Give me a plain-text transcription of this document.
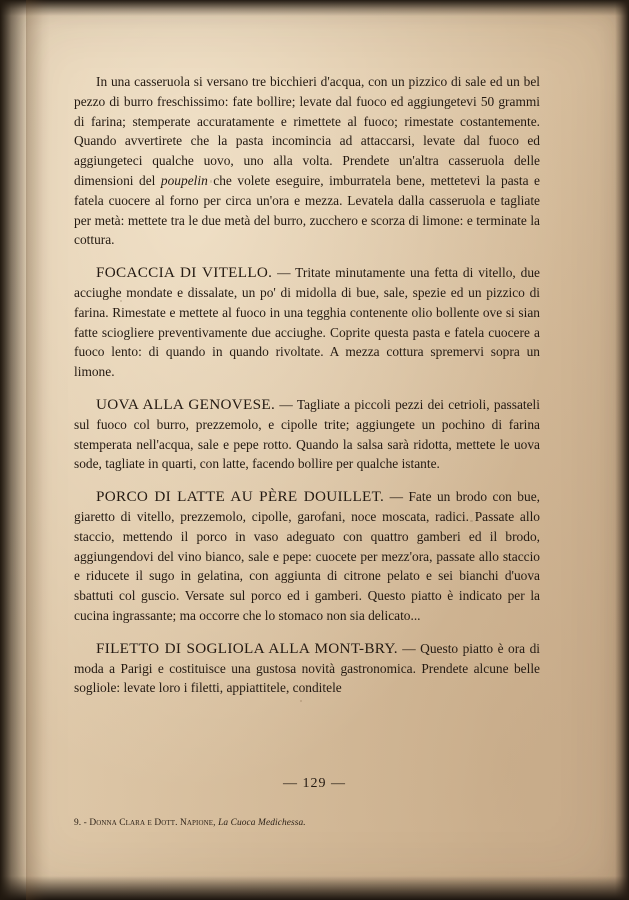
In una casseruola si versano tre bicchieri d'acqua, con un pizzico di sale ed un bel pezzo di burro freschissimo: fate bollire; levate dal fuoco ed aggiungetevi 50 grammi di farina; stemperate accuratamente e rimettete al fuoco; rimestate costantemente. Quando avvertirete che la pasta incomincia ad attaccarsi, levate dal fuoco ed aggiungeteci qualche uovo, uno alla volta. Prendete un'altra casseruola delle dimensioni del poupelin che volete eseguire, imburratela bene, mettetevi la pasta e fatela cuocere al forno per circa un'ora e mezza. Levatela dalla casseruola e tagliate per metà: mettete tra le due metà del burro, zucchero e scorza di limone: e terminate la cottura.

FOCACCIA DI VITELLO. — Tritate minutamente una fetta di vitello, due acciughe mondate e dissalate, un po' di midolla di bue, sale, spezie ed un pizzico di farina. Rimestate e mettete al fuoco in una tegghia contenente olio bollente ove si sian fatte sciogliere preventivamente due acciughe. Coprite questa pasta e fatela cuocere a fuoco lento: di quando in quando rivoltate. A mezza cottura spremervi sopra un limone.

UOVA ALLA GENOVESE. — Tagliate a piccoli pezzi dei cetrioli, passateli sul fuoco col burro, prezzemolo, e cipolle trite; aggiungete un pochino di farina stemperata nell'acqua, sale e pepe rotto. Quando la salsa sarà ridotta, mettete le uova sode, tagliate in quarti, con latte, facendo bollire per qualche istante.

PORCO DI LATTE AU PÈRE DOUILLET. — Fate un brodo con bue, giaretto di vitello, prezzemolo, cipolle, garofani, noce moscata, radici. Passate allo staccio, mettendo il porco in vaso adeguato con quattro gamberi ed il brodo, aggiungendovi del vino bianco, sale e pepe: cuocete per mezz'ora, passate allo staccio e riducete il sugo in gelatina, con aggiunta di citrone pelato e sei bianchi d'uova sbattuti col guscio. Versate sul porco ed i gamberi. Questo piatto è indicato per la cucina ingrassante; ma occorre che lo stomaco non sia delicato...

FILETTO DI SOGLIOLA ALLA MONT-BRY. — Questo piatto è ora di moda a Parigi e costituisce una gustosa novità gastronomica. Prendete alcune belle sogliole: levate loro i filetti, appiattitele, conditele

— 129 —
9. - Donna Clara e Dott. Napione, La Cuoca Medichessa.
